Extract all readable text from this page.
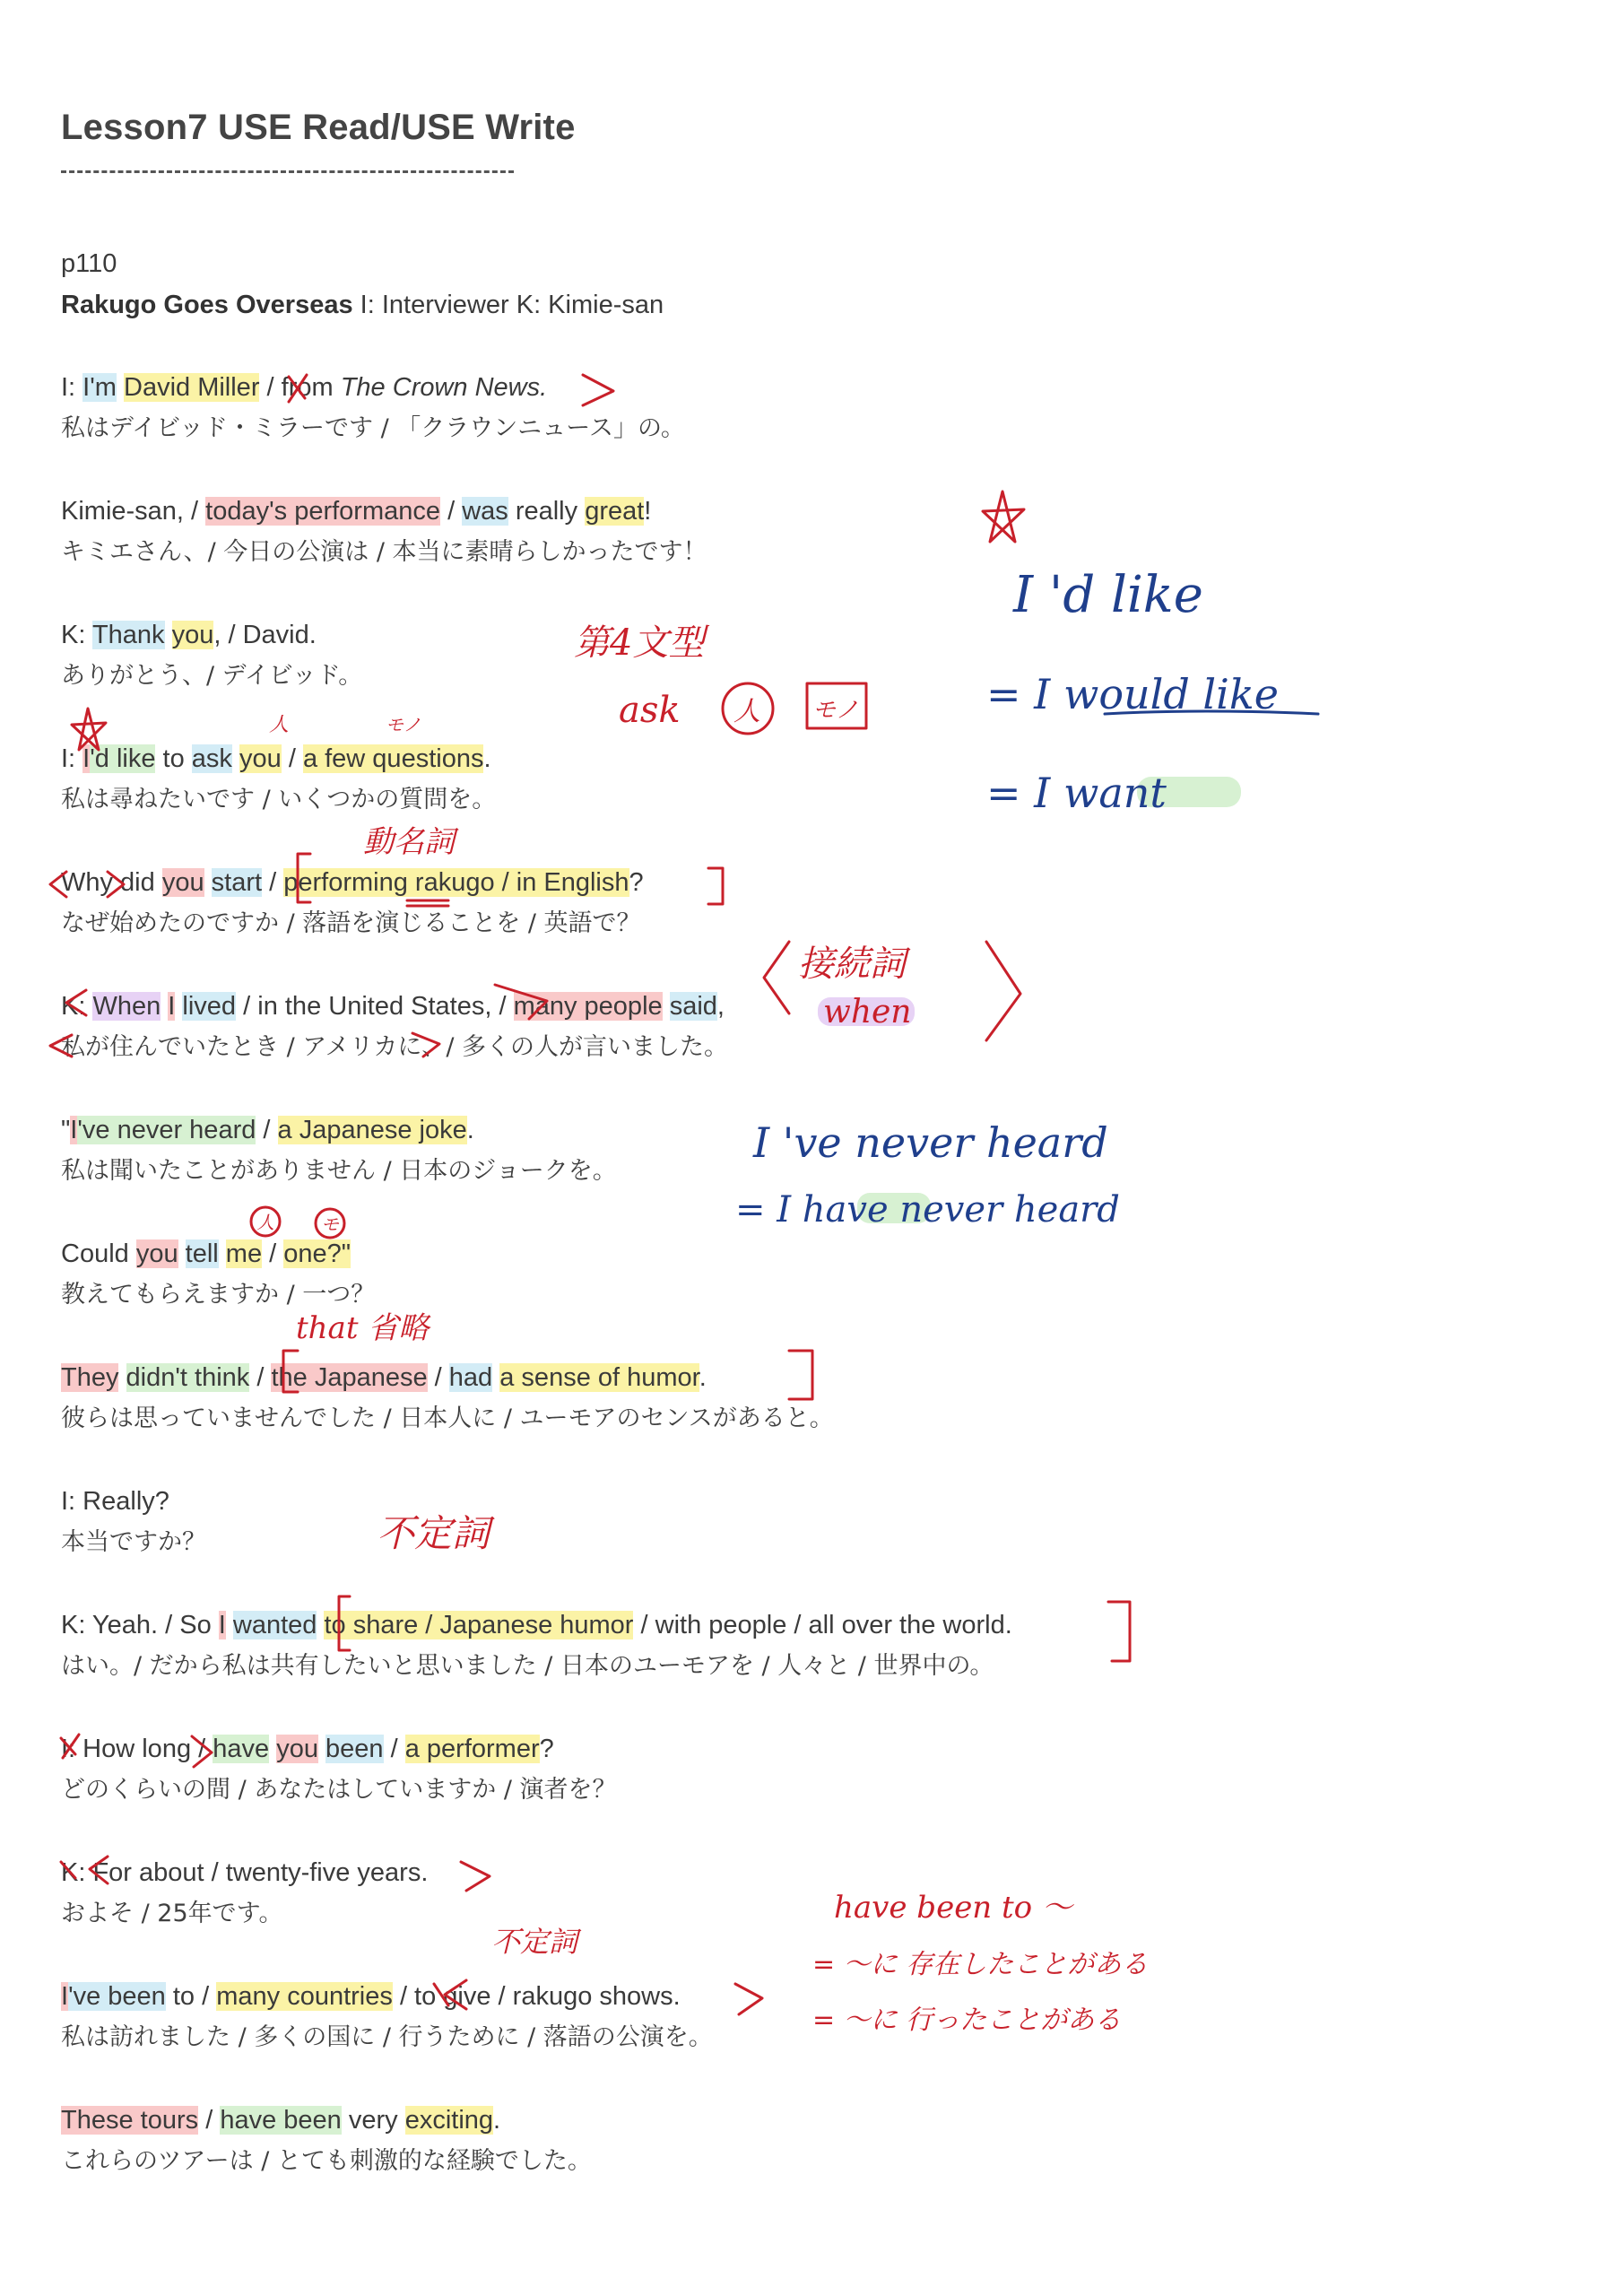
Lesson7 USE Read/USE Write
p110
Rakugo Goes Overseas I: Interviewer K: Kimie-san
I: I'm David Miller / from The Crown News.
私はデイビッド・ミラーです / 「クラウンニュース」の。
Kimie-san, / today's performance / was really great!
キミエさん、/ 今日の公演は / 本当に素晴らしかったです！
K: Thank you, / David.
ありがとう、/ デイビッド。
I: I'd like to ask you / a few questions.
私は尋ねたいです / いくつかの質問を。
Why did you start / performing rakugo / in English?
なぜ始めたのですか / 落語を演じることを / 英語で？
K: When I lived / in the United States, / many people said,
私が住んでいたとき / アメリカに、/ 多くの人が言いました。
"I've never heard / a Japanese joke.
私は聞いたことがありません / 日本のジョークを。
Could you tell me / one?"
教えてもらえますか / 一つ？
They didn't think / the Japanese / had a sense of humor.
彼らは思っていませんでした / 日本人に / ユーモアのセンスがあると。
I: Really?
本当ですか？
K: Yeah. / So I wanted to share / Japanese humor / with people / all over the world.
はい。/ だから私は共有したいと思いました / 日本のユーモアを / 人々と / 世界中の。
I: How long / have you been / a performer?
どのくらいの間 / あなたはしていますか / 演者を？
K: For about / twenty-five years.
およそ / 25年です。
I've been to / many countries / to give / rakugo shows.
私は訪れました / 多くの国に / 行うために / 落語の公演を。
These tours / have been very exciting.
これらのツアーは / とても刺激的な経験でした。
I 'd like
= I would like
= I want
第4文型
ask 人 モノ
人	モノ
動名詞
接続詞
when
I 've never heard
= I have never heard
人	モ
that 省略
不定詞
不定詞
have been to ～
= ～に 存在したことがある
= ～に 行ったことがある
